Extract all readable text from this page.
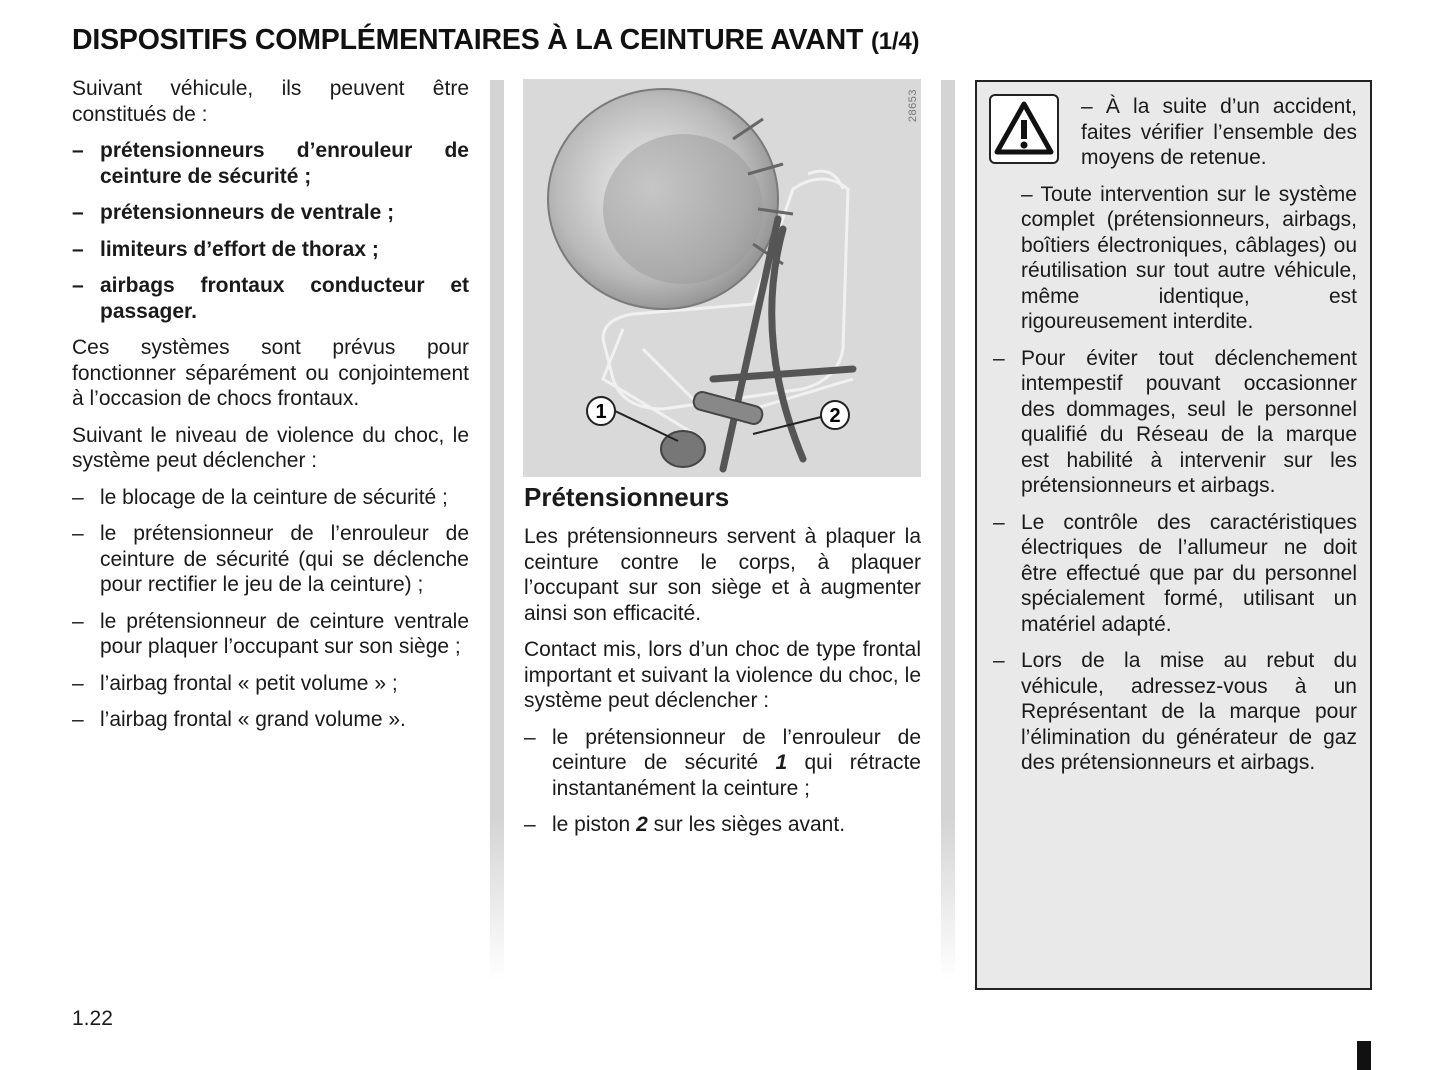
DISPOSITIFS COMPLÉMENTAIRES À LA CEINTURE AVANT (1/4)

Suivant véhicule, ils peuvent être constitués de :

– prétensionneurs d’enrouleur de ceinture de sécurité ;
– prétensionneurs de ventrale ;
– limiteurs d’effort de thorax ;
– airbags frontaux conducteur et passager.

Ces systèmes sont prévus pour fonctionner séparément ou conjointement à l’occasion de chocs frontaux.

Suivant le niveau de violence du choc, le système peut déclencher :

– le blocage de la ceinture de sécurité ;
– le prétensionneur de l’enrouleur de ceinture de sécurité (qui se déclenche pour rectifier le jeu de la ceinture) ;
– le prétensionneur de ceinture ventrale pour plaquer l’occupant sur son siège ;
– l’airbag frontal « petit volume » ;
– l’airbag frontal « grand volume ».
1	2
28653
Prétensionneurs

Les prétensionneurs servent à plaquer la ceinture contre le corps, à plaquer l’occupant sur son siège et à augmenter ainsi son efficacité.

Contact mis, lors d’un choc de type frontal important et suivant la violence du choc, le système peut déclencher :

– le prétensionneur de l’enrouleur de ceinture de sécurité 1 qui rétracte instantanément la ceinture ;
– le piston 2 sur les sièges avant.
– À la suite d’un accident, faites vérifier l’ensemble des moyens de retenue.
– Toute intervention sur le système complet (prétensionneurs, airbags, boîtiers électroniques, câblages) ou réutilisation sur tout autre véhicule, même identique, est rigoureusement interdite.
– Pour éviter tout déclenchement intempestif pouvant occasionner des dommages, seul le personnel qualifié du Réseau de la marque est habilité à intervenir sur les prétensionneurs et airbags.
– Le contrôle des caractéristiques électriques de l’allumeur ne doit être effectué que par du personnel spécialement formé, utilisant un matériel adapté.
– Lors de la mise au rebut du véhicule, adressez-vous à un Représentant de la marque pour l’élimination du générateur de gaz des prétensionneurs et airbags.
1.22
